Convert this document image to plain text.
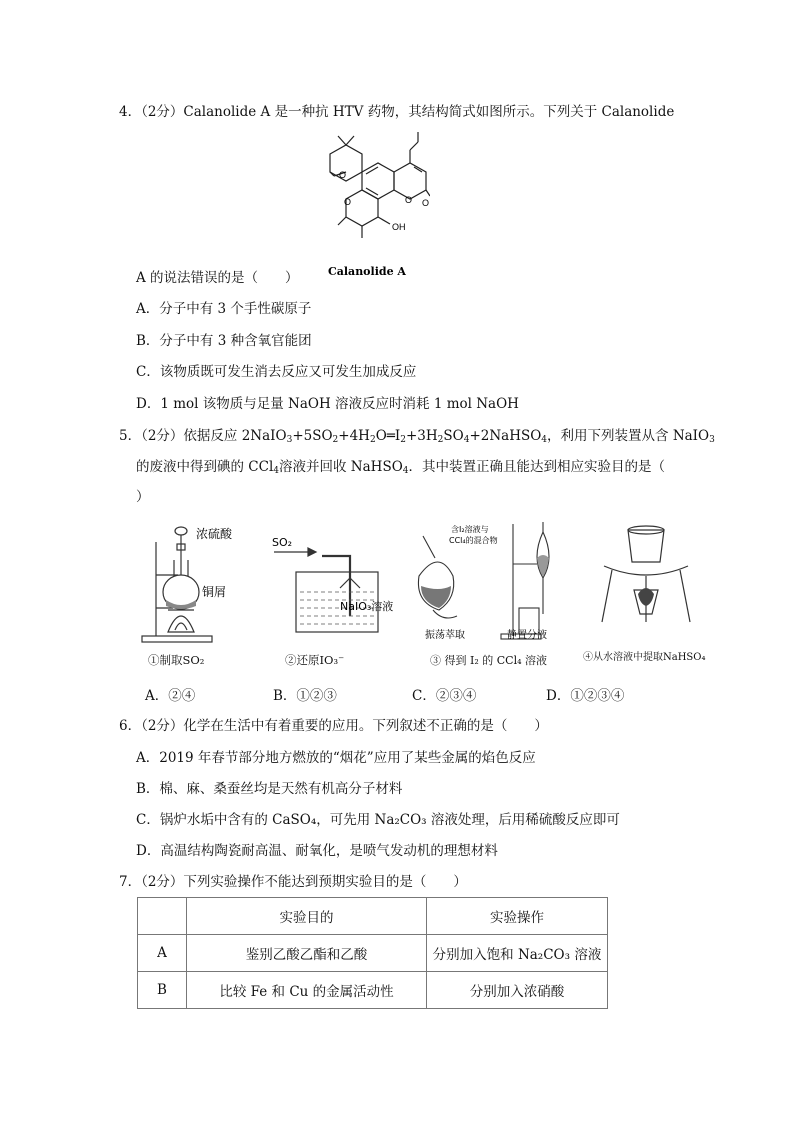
4．（2分）Calanolide A 是一种抗 HTV 药物，其结构简式如图所示。下列关于 Calanolide
O
O	O O
OH
Calanolide A
A 的说法错误的是（　　）
A．分子中有 3 个手性碳原子
B．分子中有 3 种含氧官能团
C．该物质既可发生消去反应又可发生加成反应
D．1 mol 该物质与足量 NaOH 溶液反应时消耗 1 mol NaOH
5．（2分）依据反应 $2NaIO_3+5SO_2+4H_2O═I_2+3H_2SO_4+2NaHSO_4$，利用下列装置从含 NaIO$_3$
的废液中得到碘的 CCl$_4$溶液并回收 NaHSO$_4$．其中装置正确且能达到相应实验目的是（
）
浓硫酸
铜屑
①制取SO₂
SO₂
NaIO₃溶液
②还原IO₃⁻
含I₂溶液与
CCl₄的混合物
振荡萃取	静置分液
③ 得到 I₂ 的 CCl₄ 溶液	④从水溶液中提取NaHSO₄
A．②④	B．①②③	C．②③④	D．①②③④
6．（2分）化学在生活中有着重要的应用。下列叙述不正确的是（　　）
A．2019 年春节部分地方燃放的“烟花”应用了某些金属的焰色反应
B．棉、麻、桑蚕丝均是天然有机高分子材料
C．锅炉水垢中含有的 CaSO₄，可先用 Na₂CO₃ 溶液处理，后用稀硫酸反应即可
D．高温结构陶瓷耐高温、耐氧化，是喷气发动机的理想材料
7．（2分）下列实验操作不能达到预期实验目的是（　　）
	实验目的	实验操作
A	鉴别乙酸乙酯和乙酸	分别加入饱和 Na₂CO₃ 溶液
B	比较 Fe 和 Cu 的金属活动性	分别加入浓硝酸
